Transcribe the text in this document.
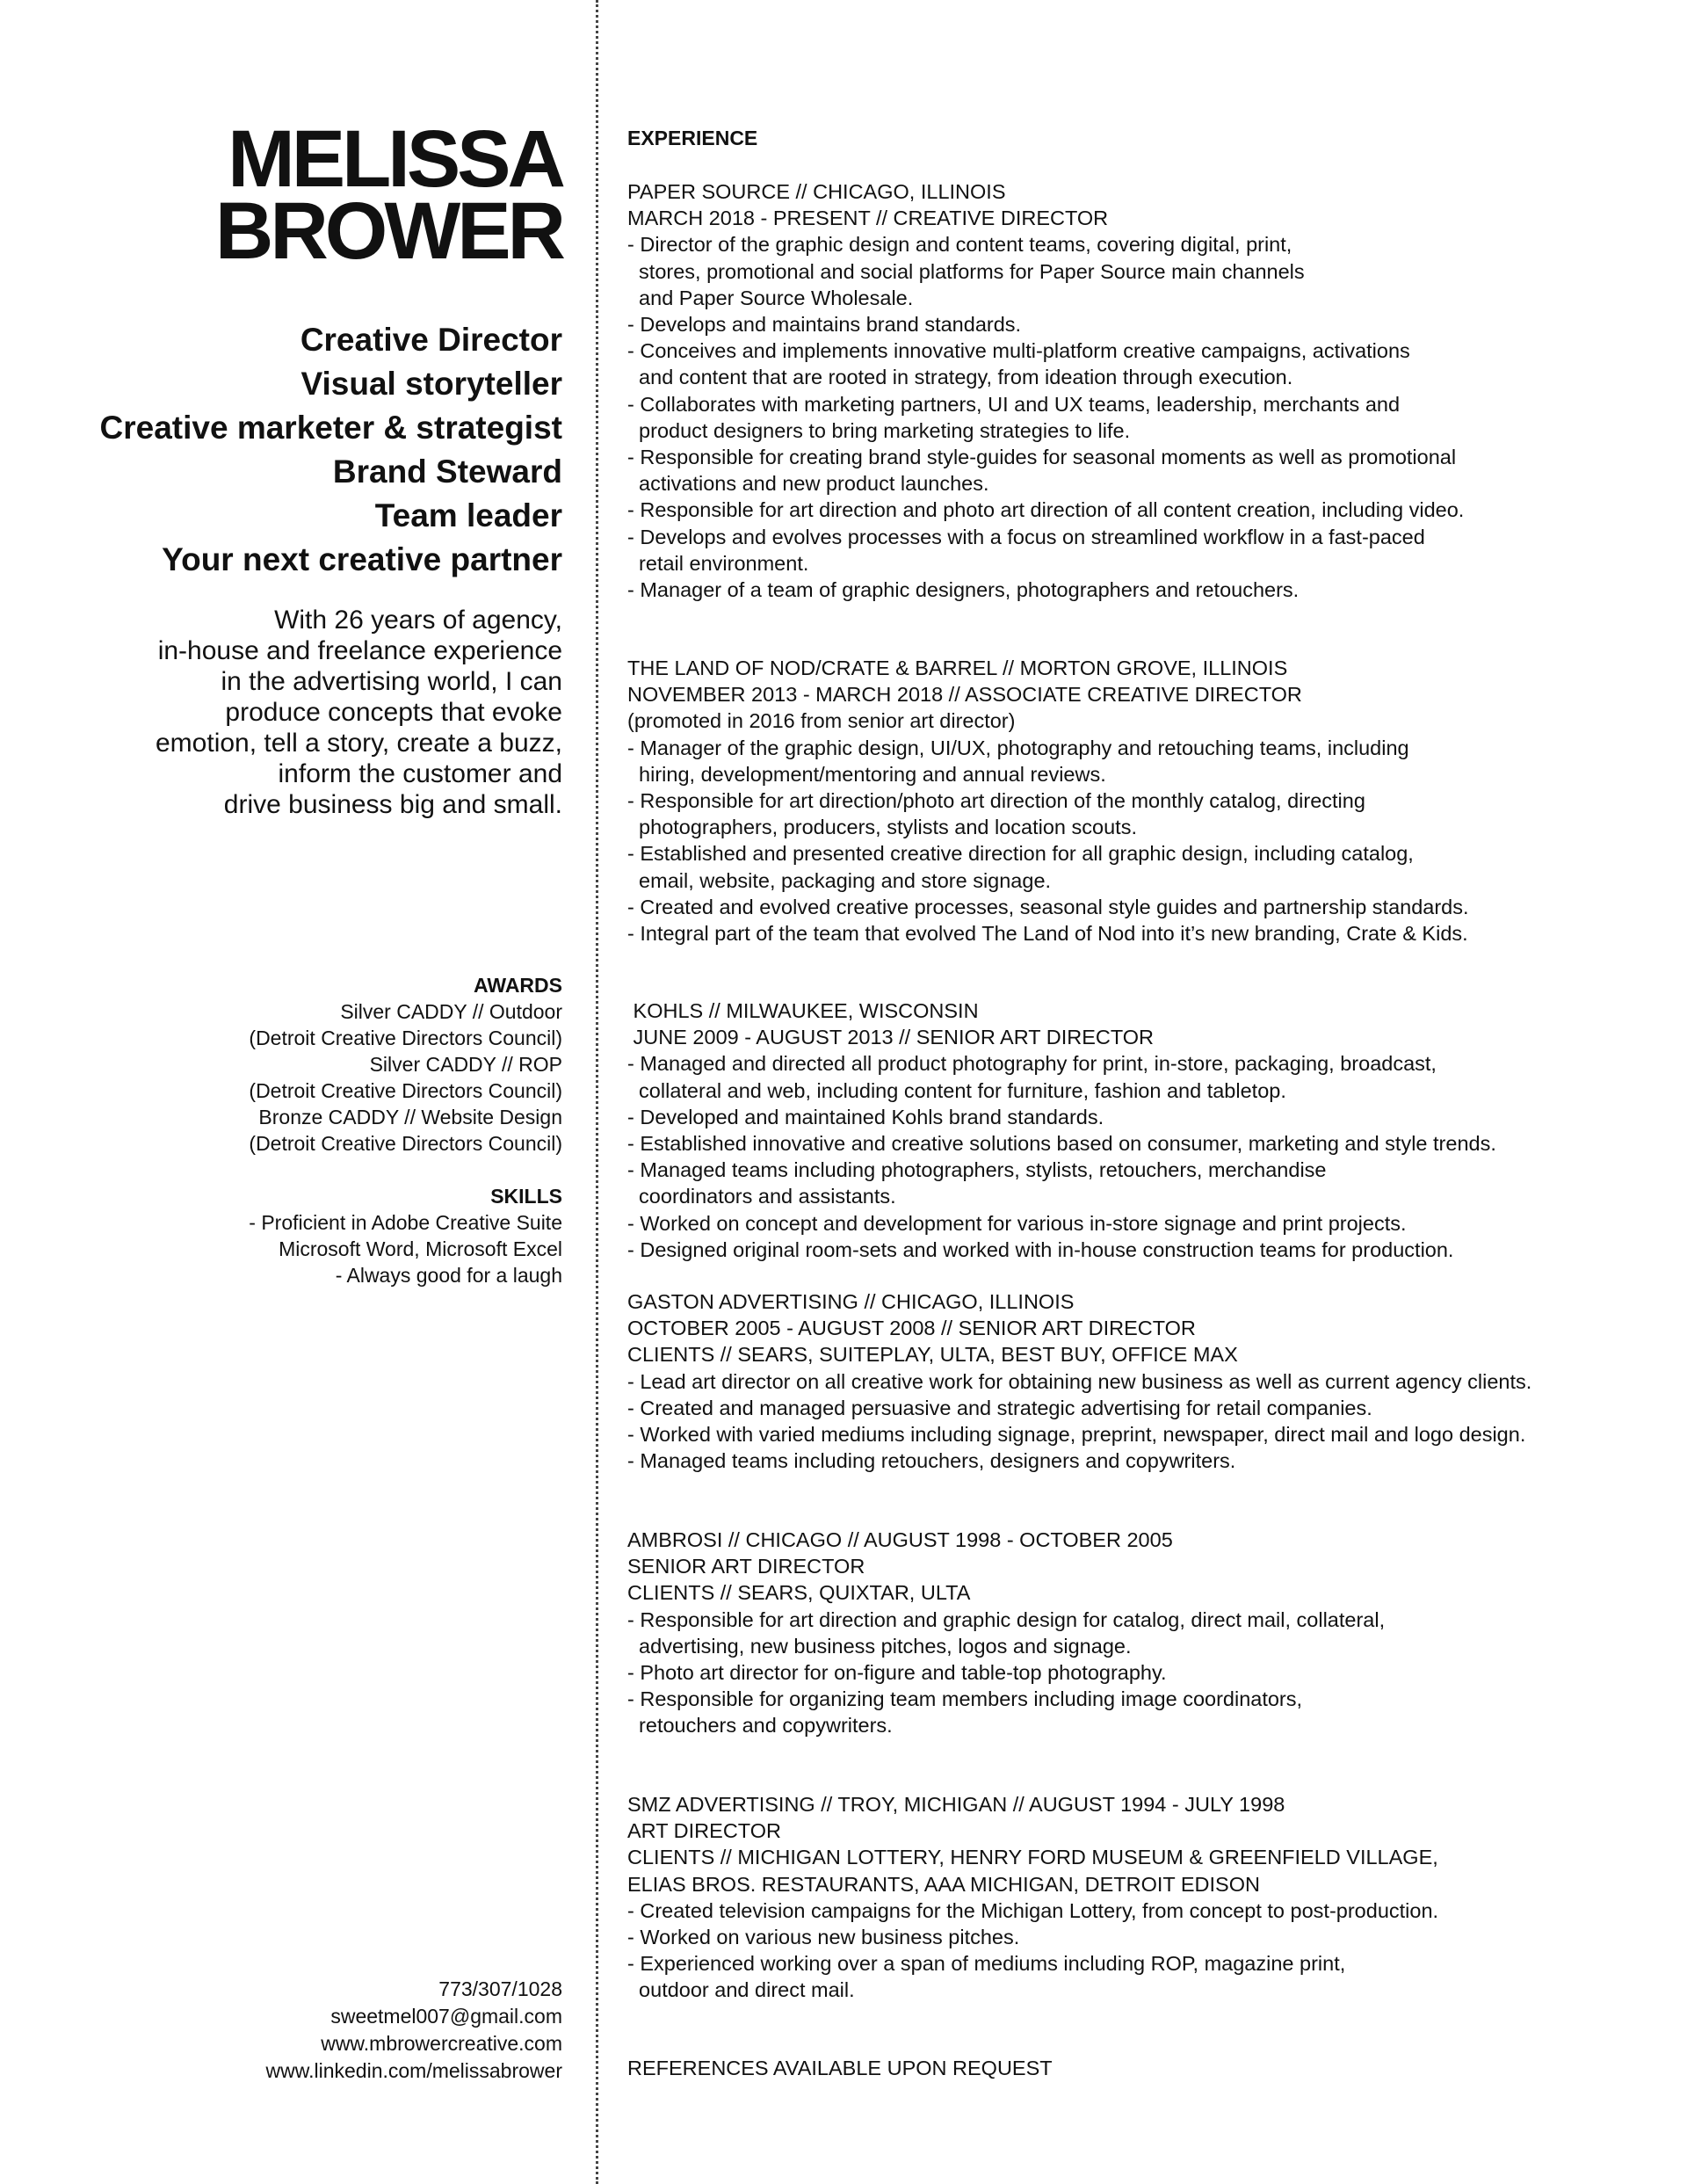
MELISSA
BROWER
Creative Director
Visual storyteller
Creative marketer & strategist
Brand Steward
Team leader
Your next creative partner
With 26 years of agency,
in-house and freelance experience
in the advertising world, I can
produce concepts that evoke
emotion, tell a story, create a buzz,
inform the customer and
drive business big and small.
AWARDS
Silver CADDY // Outdoor
(Detroit Creative Directors Council)
Silver CADDY // ROP
(Detroit Creative Directors Council)
Bronze CADDY // Website Design
(Detroit Creative Directors Council)
SKILLS
- Proficient in Adobe Creative Suite
Microsoft Word, Microsoft Excel
- Always good for a laugh
773/307/1028
sweetmel007@gmail.com
www.mbrowercreative.com
www.linkedin.com/melissabrower
EXPERIENCE
PAPER SOURCE // CHICAGO, ILLINOIS
MARCH 2018 - PRESENT // CREATIVE DIRECTOR
- Director of the graphic design and content teams, covering digital, print,
stores, promotional and social platforms for Paper Source main channels
and Paper Source Wholesale.
- Develops and maintains brand standards.
- Conceives and implements innovative multi-platform creative campaigns, activations
and content that are rooted in strategy, from ideation through execution.
- Collaborates with marketing partners, UI and UX teams, leadership, merchants and
product designers to bring marketing strategies to life.
- Responsible for creating brand style-guides for seasonal moments as well as promotional
activations and new product launches.
- Responsible for art direction and photo art direction of all content creation, including video.
- Develops and evolves processes with a focus on streamlined workflow in a fast-paced
retail environment.
- Manager of a team of graphic designers, photographers and retouchers.
THE LAND OF NOD/CRATE & BARREL // MORTON GROVE, ILLINOIS
NOVEMBER 2013 - MARCH 2018 // ASSOCIATE CREATIVE DIRECTOR
(promoted in 2016 from senior art director)
- Manager of the graphic design, UI/UX, photography and retouching teams, including
hiring, development/mentoring and annual reviews.
- Responsible for art direction/photo art direction of the monthly catalog, directing
photographers, producers, stylists and location scouts.
- Established and presented creative direction for all graphic design, including catalog,
email, website, packaging and store signage.
- Created and evolved creative processes, seasonal style guides and partnership standards.
- Integral part of the team that evolved The Land of Nod into it’s new branding, Crate & Kids.
KOHLS // MILWAUKEE, WISCONSIN
JUNE 2009 - AUGUST 2013 // SENIOR ART DIRECTOR
- Managed and directed all product photography for print, in-store, packaging, broadcast,
collateral and web, including content for furniture, fashion and tabletop.
- Developed and maintained Kohls brand standards.
- Established innovative and creative solutions based on consumer, marketing and style trends.
- Managed teams including photographers, stylists, retouchers, merchandise
coordinators and assistants.
- Worked on concept and development for various in-store signage and print projects.
- Designed original room-sets and worked with in-house construction teams for production.
GASTON ADVERTISING // CHICAGO, ILLINOIS
OCTOBER 2005 - AUGUST 2008 // SENIOR ART DIRECTOR
CLIENTS // SEARS, SUITEPLAY, ULTA, BEST BUY, OFFICE MAX
- Lead art director on all creative work for obtaining new business as well as current agency clients.
- Created and managed persuasive and strategic advertising for retail companies.
- Worked with varied mediums including signage, preprint, newspaper, direct mail and logo design.
- Managed teams including retouchers, designers and copywriters.
AMBROSI // CHICAGO // AUGUST 1998 - OCTOBER 2005
SENIOR ART DIRECTOR
CLIENTS // SEARS, QUIXTAR, ULTA
- Responsible for art direction and graphic design for catalog, direct mail, collateral,
advertising, new business pitches, logos and signage.
- Photo art director for on-figure and table-top photography.
- Responsible for organizing team members including image coordinators,
retouchers and copywriters.
SMZ ADVERTISING // TROY, MICHIGAN // AUGUST 1994 - JULY 1998
ART DIRECTOR
CLIENTS // MICHIGAN LOTTERY, HENRY FORD MUSEUM & GREENFIELD VILLAGE,
ELIAS BROS. RESTAURANTS, AAA MICHIGAN, DETROIT EDISON
- Created television campaigns for the Michigan Lottery, from concept to post-production.
- Worked on various new business pitches.
- Experienced working over a span of mediums including ROP, magazine print,
outdoor and direct mail.
REFERENCES AVAILABLE UPON REQUEST
